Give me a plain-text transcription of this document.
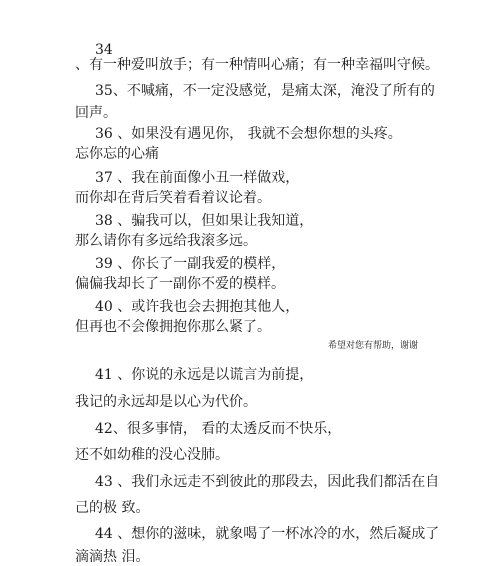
34
、有一种爱叫放手；有一种情叫心痛；有一种幸福叫守候。
35、不喊痛，不一定没感觉，是痛太深，淹没了所有的
回声。
36 、如果没有遇见你， 我就不会想你想的头疼。
忘你忘的心痛
37 、我在前面像小丑一样做戏，
而你却在背后笑着看着议论着。
38 、骗我可以，但如果让我知道，
那么请你有多远给我滚多远。
39 、你长了一副我爱的模样，
偏偏我却长了一副你不爱的模样。
40 、或许我也会去拥抱其他人，
但再也不会像拥抱你那么紧了。
希望对您有帮助，谢谢
41 、你说的永远是以谎言为前提，
我记的永远却是以心为代价。
42、很多事情， 看的太透反而不快乐，
还不如幼稚的没心没肺。
43 、我们永远走不到彼此的那段去，因此我们都活在自
己的极 致。
44 、想你的滋味，就象喝了一杯冰冷的水，然后凝成了
滴滴热 泪。
